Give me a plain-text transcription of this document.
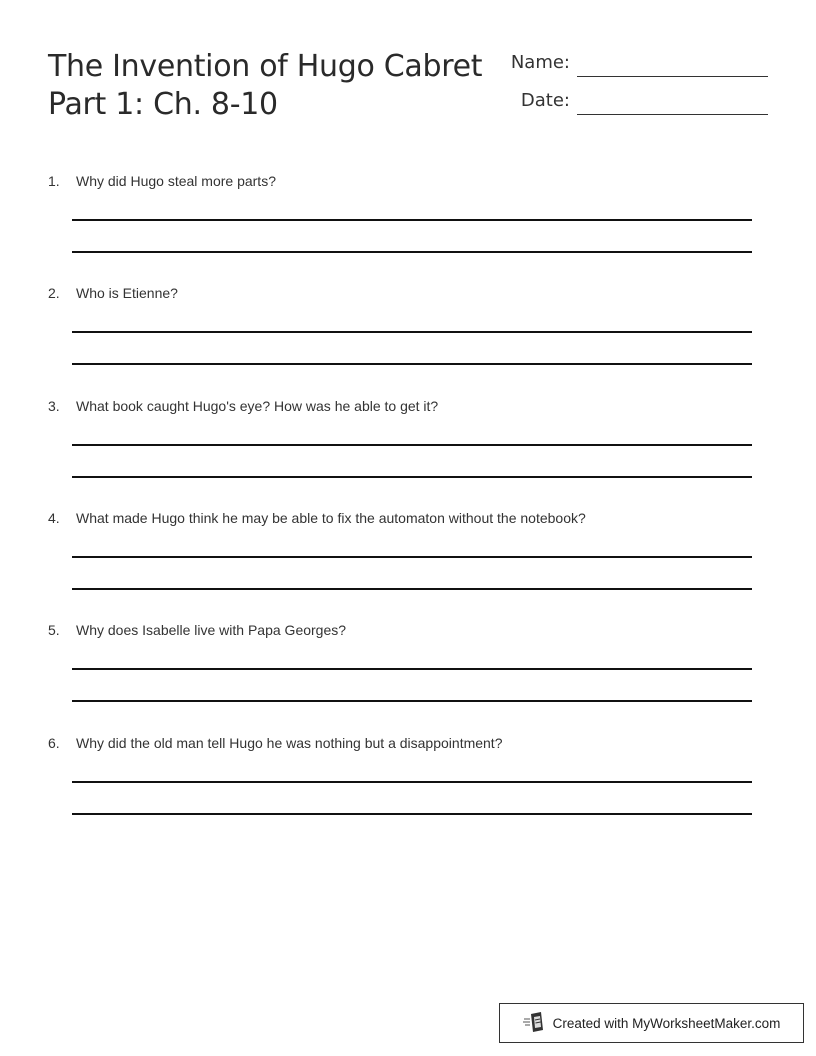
The Invention of Hugo Cabret
Part 1: Ch. 8-10
Name:
Date:
1. Why did Hugo steal more parts?
2. Who is Etienne?
3. What book caught Hugo's eye? How was he able to get it?
4. What made Hugo think he may be able to fix the automaton without the notebook?
5. Why does Isabelle live with Papa Georges?
6. Why did the old man tell Hugo he was nothing but a disappointment?
Created with MyWorksheetMaker.com
